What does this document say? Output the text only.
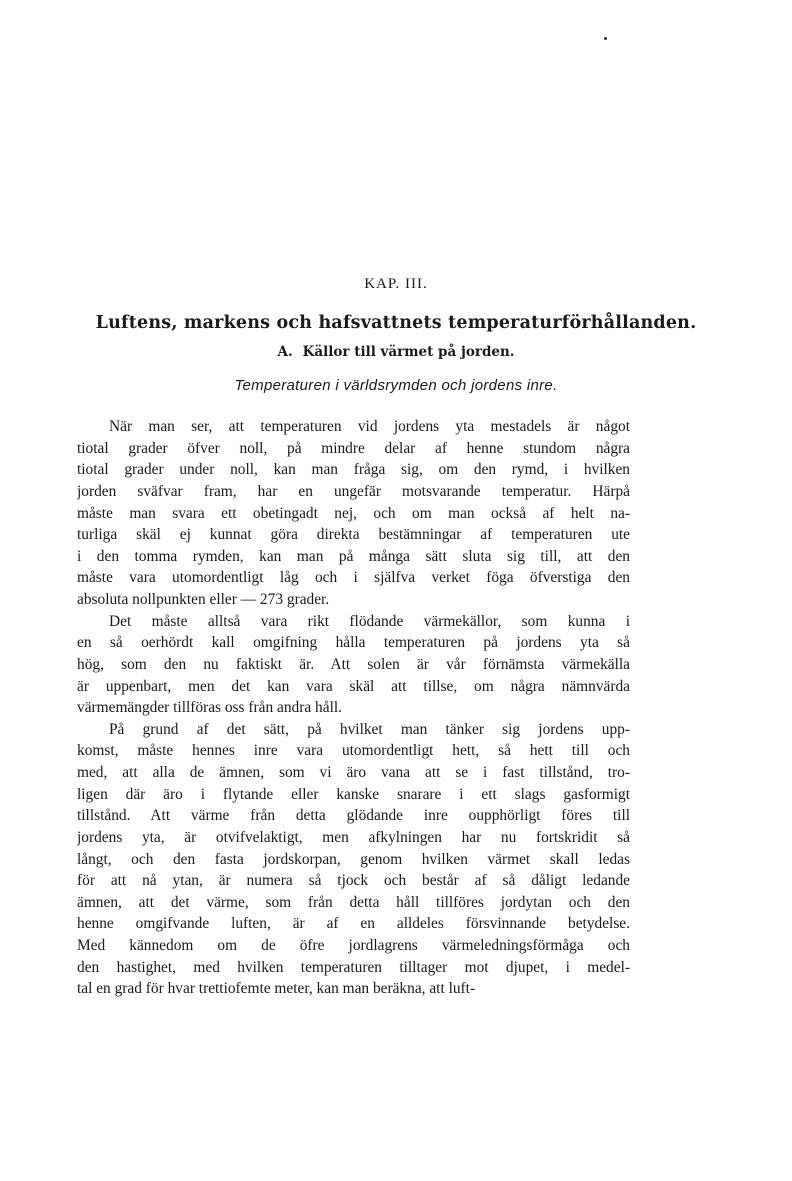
KAP. III.
Luftens, markens och hafsvattnets temperaturförhållanden.
A. Källor till värmet på jorden.
Temperaturen i världsrymden och jordens inre.
När man ser, att temperaturen vid jordens yta mestadels är något
tiotal grader öfver noll, på mindre delar af henne stundom några
tiotal grader under noll, kan man fråga sig, om den rymd, i hvilken
jorden sväfvar fram, har en ungefär motsvarande temperatur. Härpå
måste man svara ett obetingadt nej, och om man också af helt na-
turliga skäl ej kunnat göra direkta bestämningar af temperaturen ute
i den tomma rymden, kan man på många sätt sluta sig till, att den
måste vara utomordentligt låg och i själfva verket föga öfverstiga den
absoluta nollpunkten eller — 273 grader.
Det måste alltså vara rikt flödande värmekällor, som kunna i
en så oerhördt kall omgifning hålla temperaturen på jordens yta så
hög, som den nu faktiskt är. Att solen är vår förnämsta värmekälla
är uppenbart, men det kan vara skäl att tillse, om några nämnvärda
värmemängder tillföras oss från andra håll.
På grund af det sätt, på hvilket man tänker sig jordens upp-
komst, måste hennes inre vara utomordentligt hett, så hett till och
med, att alla de ämnen, som vi äro vana att se i fast tillstånd, tro-
ligen där äro i flytande eller kanske snarare i ett slags gasformigt
tillstånd. Att värme från detta glödande inre oupphörligt föres till
jordens yta, är otvifvelaktigt, men afkylningen har nu fortskridit så
långt, och den fasta jordskorpan, genom hvilken värmet skall ledas
för att nå ytan, är numera så tjock och består af så dåligt ledande
ämnen, att det värme, som från detta håll tillföres jordytan och den
henne omgifvande luften, är af en alldeles försvinnande betydelse.
Med kännedom om de öfre jordlagrens värmeledningsförmåga och
den hastighet, med hvilken temperaturen tilltager mot djupet, i medel-
tal en grad för hvar trettiofemte meter, kan man beräkna, att luft-
